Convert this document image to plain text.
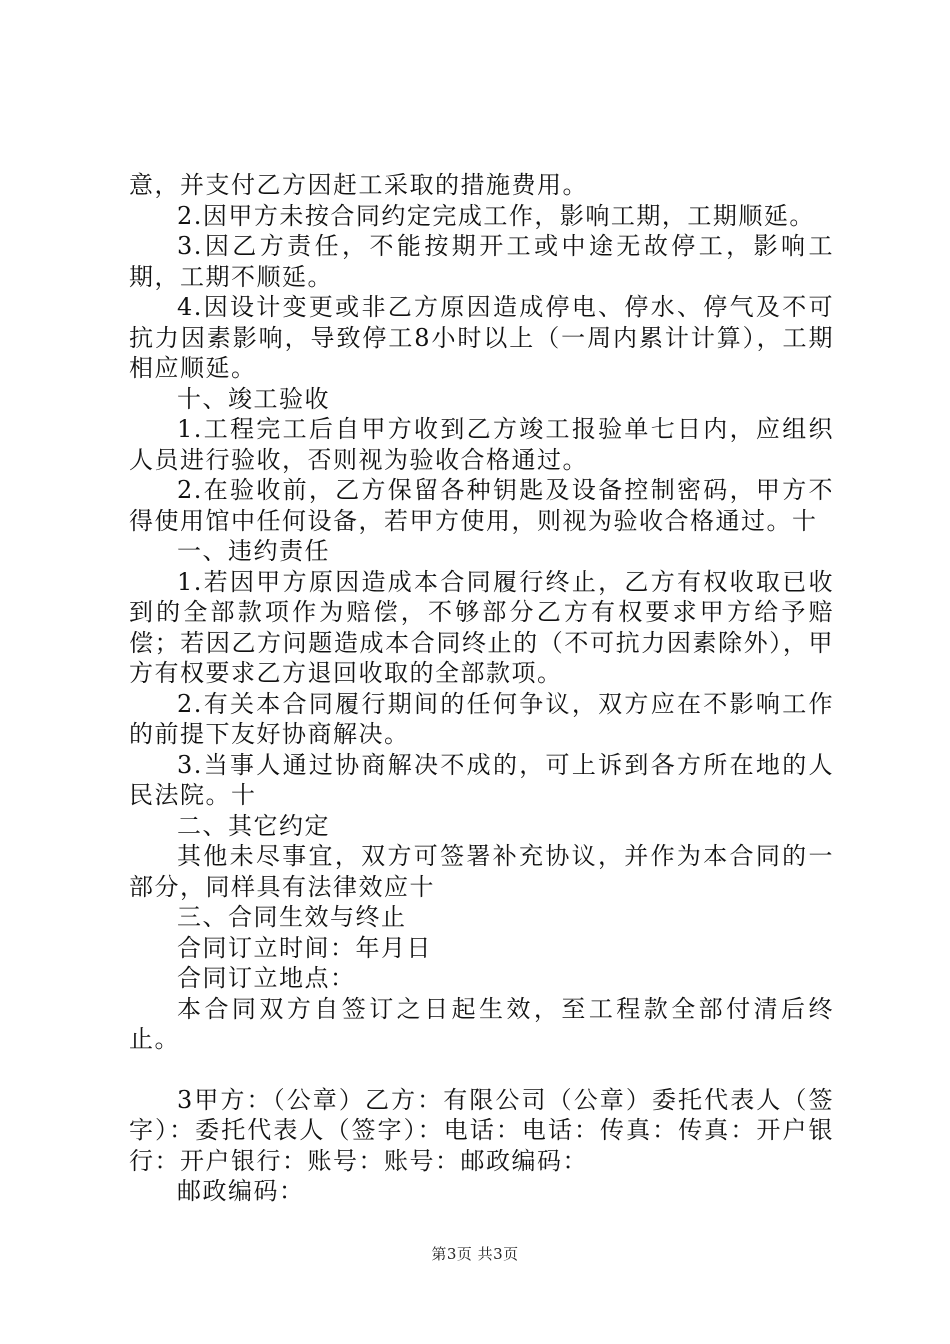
意，并支付乙方因赶工采取的措施费用。

2.因甲方未按合同约定完成工作，影响工期，工期顺延。

3.因乙方责任，不能按期开工或中途无故停工，影响工期，工期不顺延。

4.因设计变更或非乙方原因造成停电、停水、停气及不可抗力因素影响，导致停工8小时以上（一周内累计计算），工期相应顺延。

十、竣工验收

1.工程完工后自甲方收到乙方竣工报验单七日内，应组织人员进行验收，否则视为验收合格通过。

2.在验收前，乙方保留各种钥匙及设备控制密码，甲方不得使用馆中任何设备，若甲方使用，则视为验收合格通过。十

一、违约责任

1.若因甲方原因造成本合同履行终止，乙方有权收取已收到的全部款项作为赔偿，不够部分乙方有权要求甲方给予赔偿；若因乙方问题造成本合同终止的（不可抗力因素除外），甲方有权要求乙方退回收取的全部款项。

2.有关本合同履行期间的任何争议，双方应在不影响工作的前提下友好协商解决。

3.当事人通过协商解决不成的，可上诉到各方所在地的人民法院。十

二、其它约定

其他未尽事宜，双方可签署补充协议，并作为本合同的一部分，同样具有法律效应十

三、合同生效与终止

合同订立时间：年月日

合同订立地点：

本合同双方自签订之日起生效，至工程款全部付清后终止。

3甲方：（公章）乙方：有限公司（公章）委托代表人（签字）：委托代表人（签字）：电话：电话：传真：传真：开户银行：开户银行：账号：账号：邮政编码：

邮政编码：

第3页 共3页
